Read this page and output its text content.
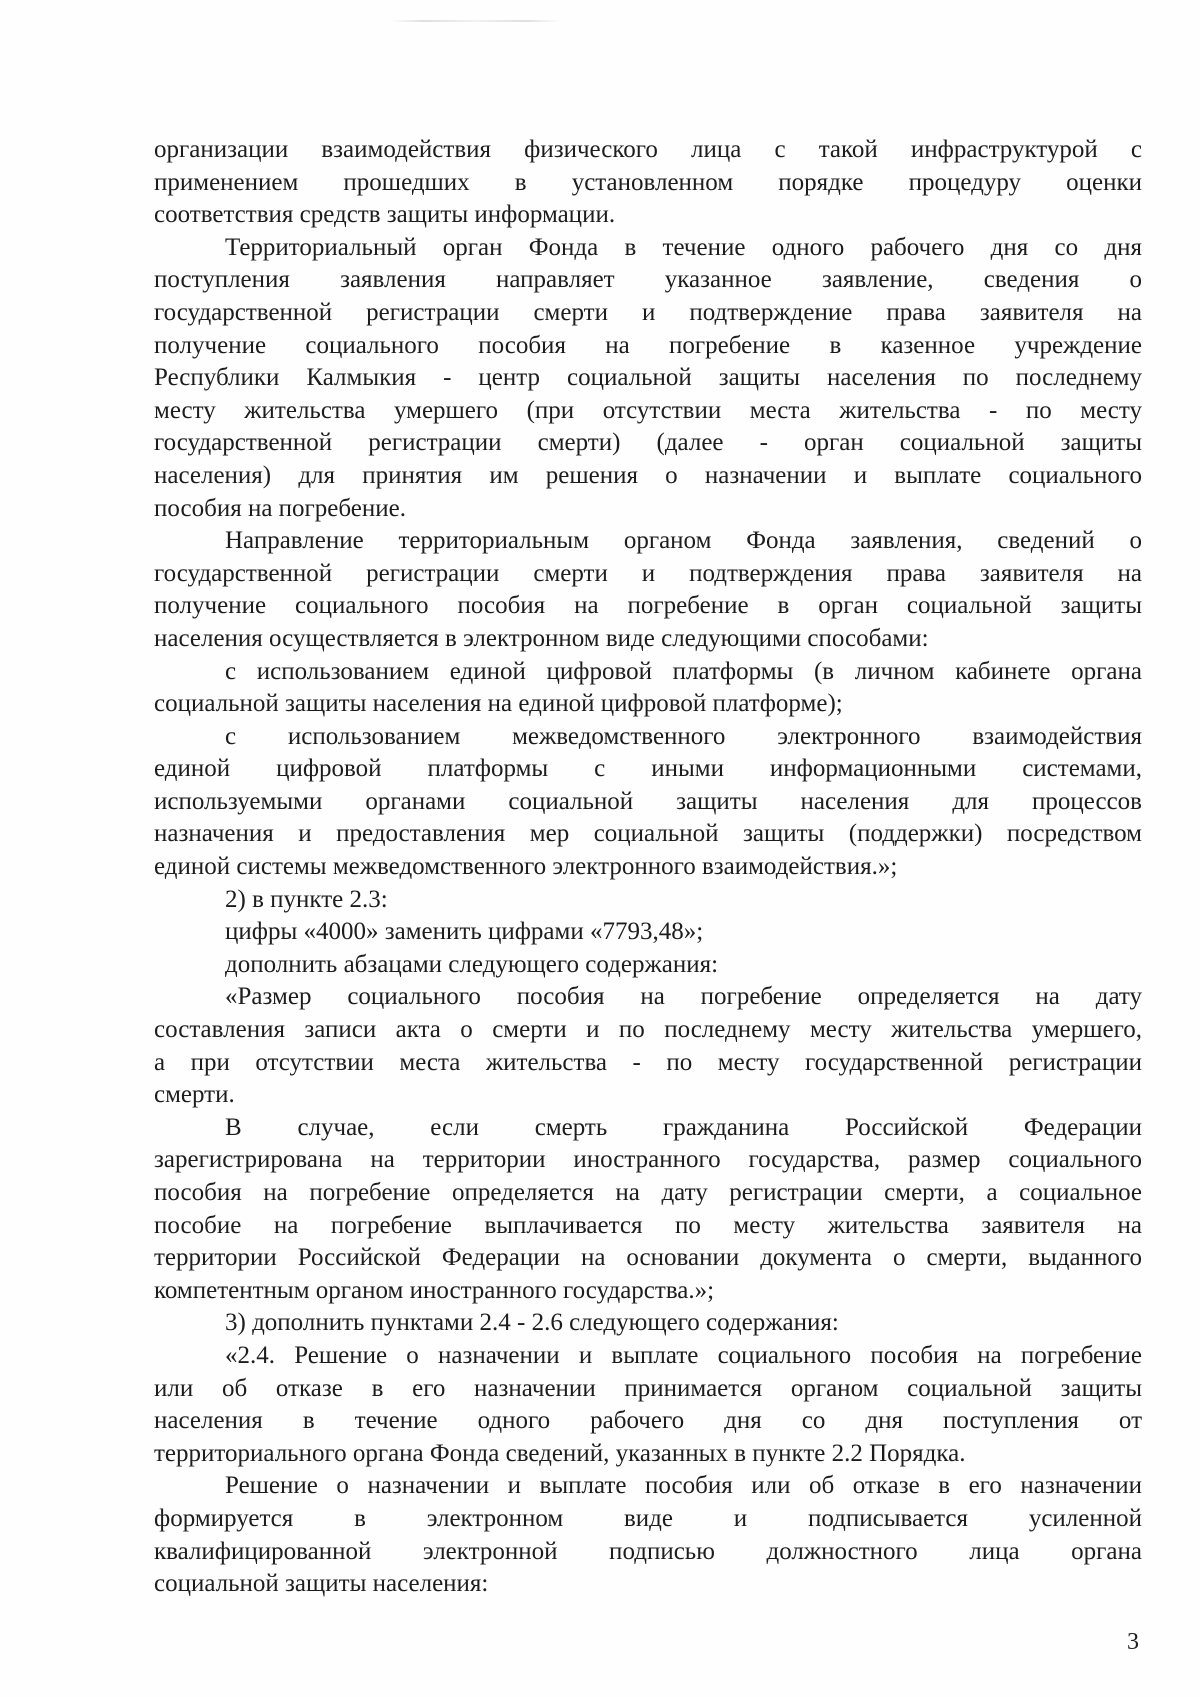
организации взаимодействия физического лица с такой инфраструктурой с
применением прошедших в установленном порядке процедуру оценки
соответствия средств защиты информации.
Территориальный орган Фонда в течение одного рабочего дня со дня
поступления заявления направляет указанное заявление, сведения о
государственной регистрации смерти и подтверждение права заявителя на
получение социального пособия на погребение в казенное учреждение
Республики Калмыкия - центр социальной защиты населения по последнему
месту жительства умершего (при отсутствии места жительства - по месту
государственной регистрации смерти) (далее - орган социальной защиты
населения) для принятия им решения о назначении и выплате социального
пособия на погребение.
Направление территориальным органом Фонда заявления, сведений о
государственной регистрации смерти и подтверждения права заявителя на
получение социального пособия на погребение в орган социальной защиты
населения осуществляется в электронном виде следующими способами:
с использованием единой цифровой платформы (в личном кабинете органа
социальной защиты населения на единой цифровой платформе);
с использованием межведомственного электронного взаимодействия
единой цифровой платформы с иными информационными системами,
используемыми органами социальной защиты населения для процессов
назначения и предоставления мер социальной защиты (поддержки) посредством
единой системы межведомственного электронного взаимодействия.»;
2) в пункте 2.3:
цифры «4000» заменить цифрами «7793,48»;
дополнить абзацами следующего содержания:
«Размер социального пособия на погребение определяется на дату
составления записи акта о смерти и по последнему месту жительства умершего,
а при отсутствии места жительства - по месту государственной регистрации
смерти.
В случае, если смерть гражданина Российской Федерации
зарегистрирована на территории иностранного государства, размер социального
пособия на погребение определяется на дату регистрации смерти, а социальное
пособие на погребение выплачивается по месту жительства заявителя на
территории Российской Федерации на основании документа о смерти, выданного
компетентным органом иностранного государства.»;
3) дополнить пунктами 2.4 - 2.6 следующего содержания:
«2.4. Решение о назначении и выплате социального пособия на погребение
или об отказе в его назначении принимается органом социальной защиты
населения в течение одного рабочего дня со дня поступления от
территориального органа Фонда сведений, указанных в пункте 2.2 Порядка.
Решение о назначении и выплате пособия или об отказе в его назначении
формируется в электронном виде и подписывается усиленной
квалифицированной электронной подписью должностного лица органа
социальной защиты населения:
3
